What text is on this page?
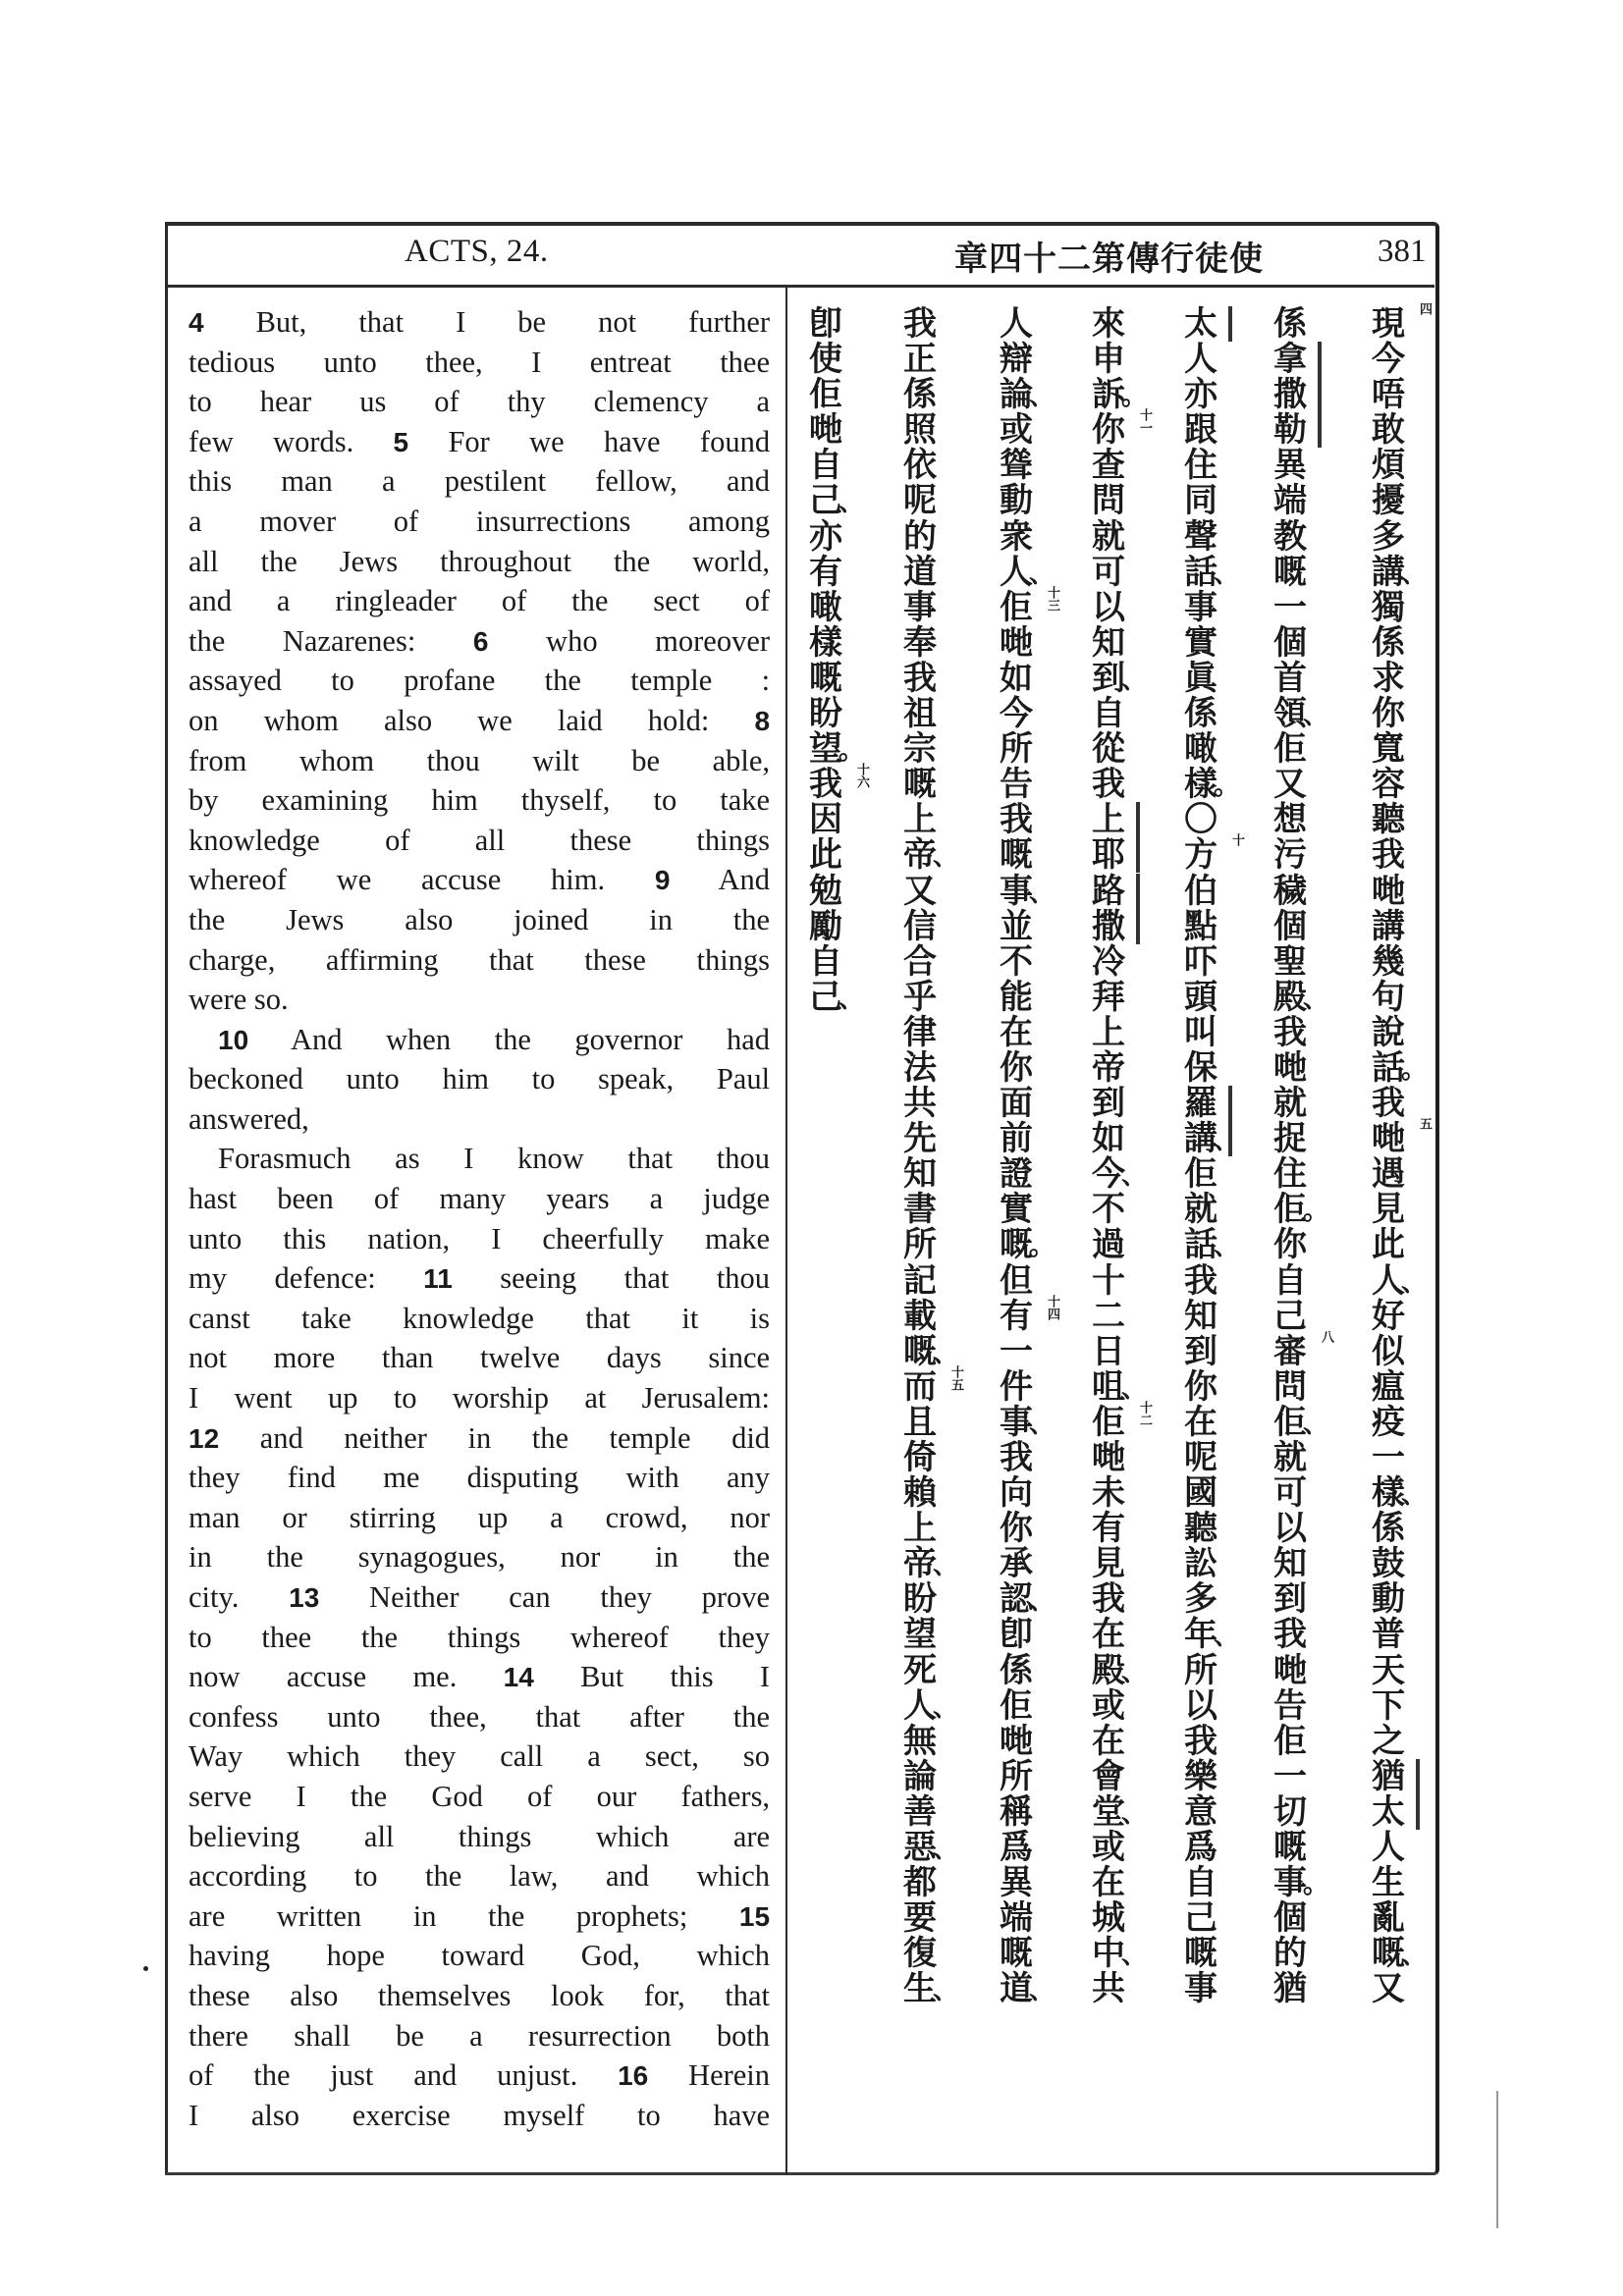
ACTS, 24.	章四十二第傳行徒使	381
4 But, that I be not further
tedious unto thee, I entreat thee
to hear us of thy clemency a
few words. 5 For we have found
this man a pestilent fellow, and
a mover of insurrections among
all the Jews throughout the world,
and a ringleader of the sect of
the Nazarenes: 6 who moreover
assayed to profane the temple :
on whom also we laid hold: 8
from whom thou wilt be able,
by examining him thyself, to take
knowledge of all these things
whereof we accuse him. 9 And
the Jews also joined in the
charge, affirming that these things
were so.
10 And when the governor had
beckoned unto him to speak, Paul
answered,
Forasmuch as I know that thou
hast been of many years a judge
unto this nation, I cheerfully make
my defence: 11 seeing that thou
canst take knowledge that it is
not more than twelve days since
I went up to worship at Jerusalem:
12 and neither in the temple did
they find me disputing with any
man or stirring up a crowd, nor
in the synagogues, nor in the
city. 13 Neither can they prove
to thee the things whereof they
now accuse me. 14 But this I
confess unto thee, that after the
Way which they call a sect, so
serve I the God of our fathers,
believing all things which are
according to the law, and which
are written in the prophets; 15
having hope toward God, which
these also themselves look for, that
there shall be a resurrection both
of the just and unjust. 16 Herein
I also exercise myself to have
現 四
今
唔
敢
煩
擾
多
講
、
獨
係
求
你
寬
容
聽
我
哋
講
幾
句
說
話
。
我
哋 五
遇
見
此
人
、
好
似
瘟
疫
一
樣
、
係
鼓
動
普
天
下
之
猶
太
人
生
亂
嘅
、
又
係
拿
撒
勒
異
端
教
嘅
一
個
首
領
、
佢
又
想
污
穢
個
聖
殿
、
我
哋
就
捉
住
佢
。
你
自
己
審 八
問
佢
、
就
可
以
知
到
我
哋
告
佢
一
切
嘅
事
。
個
的
猶
太
人
亦
跟
住
同
聲
話
、
事
實
眞
係
噉
樣
。
〇
方 十
伯
點
吓
頭
叫
保
羅
講
、
佢
就
話
、
我
知
到
你
在
呢
國
聽
訟
多
年
、
所
以
我
樂
意
爲
自
己
嘅
事
來
申
訴
。
你 十一
查
問
就
可
以
知
到
、
自
從
我
上
耶
路
撒
冷
拜
上
帝
到
如
今
、
不
過
十
二
日
咀
、
佢 十二
哋
未
有
見
我
在
殿
、
或
在
會
堂
、
或
在
城
中
、
共
人
辯
論
、
或
聳
動
衆
人
、
佢 十三
哋
如
今
所
告
我
嘅
事
、
並
不
能
在
你
面
前
證
實
嘅
。
但
有 十四
一
件
事
、
我
向
你
承
認
、
卽
係
佢
哋
所
稱
爲
異
端
嘅
道
、
我
正
係
照
依
呢
的
道
事
奉
我
祖
宗
嘅
上
帝
、
又
信
合
乎
律
法
共
先
知
書
所
記
載
嘅
、
而 十五
且
倚
賴
上
帝
、
盼
望
死
人
、
無
論
善
惡
、
都
要
復
生
、
卽
使
佢
哋
自
己
、
亦
有
噉
樣
嘅
盼
望
。
我 十六
因
此
勉
勵
自
己
、
